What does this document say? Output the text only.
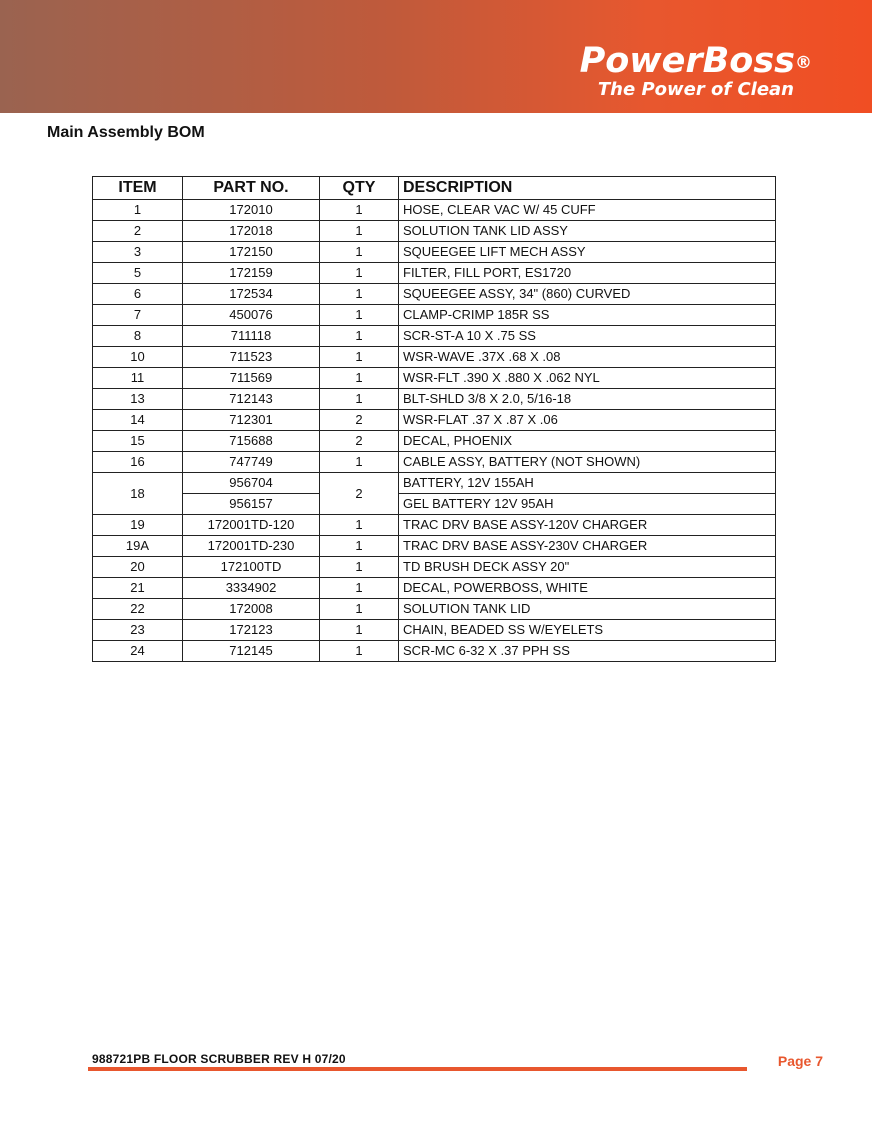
PowerBoss®
The Power of Clean
Main Assembly BOM
ITEM	PART NO.	QTY	DESCRIPTION
1	172010	1	HOSE, CLEAR VAC W/ 45 CUFF
2	172018	1	SOLUTION TANK LID ASSY
3	172150	1	SQUEEGEE LIFT MECH ASSY
5	172159	1	FILTER, FILL PORT, ES1720
6	172534	1	SQUEEGEE ASSY, 34" (860) CURVED
7	450076	1	CLAMP-CRIMP 185R SS
8	711118	1	SCR-ST-A 10 X .75 SS
10	711523	1	WSR-WAVE .37X .68 X .08
11	711569	1	WSR-FLT .390 X .880 X .062 NYL
13	712143	1	BLT-SHLD 3/8 X 2.0, 5/16-18
14	712301	2	WSR-FLAT .37 X .87 X .06
15	715688	2	DECAL, PHOENIX
16	747749	1	CABLE ASSY, BATTERY (NOT SHOWN)
18	956704	2	BATTERY, 12V 155AH
	956157		GEL BATTERY 12V 95AH
19	172001TD-120	1	TRAC DRV BASE ASSY-120V CHARGER
19A	172001TD-230	1	TRAC DRV BASE ASSY-230V CHARGER
20	172100TD	1	TD BRUSH DECK ASSY 20"
21	3334902	1	DECAL, POWERBOSS, WHITE
22	172008	1	SOLUTION TANK LID
23	172123	1	CHAIN, BEADED SS W/EYELETS
24	712145	1	SCR-MC 6-32 X .37 PPH SS
988721PB FLOOR SCRUBBER REV H 07/20	Page 7
